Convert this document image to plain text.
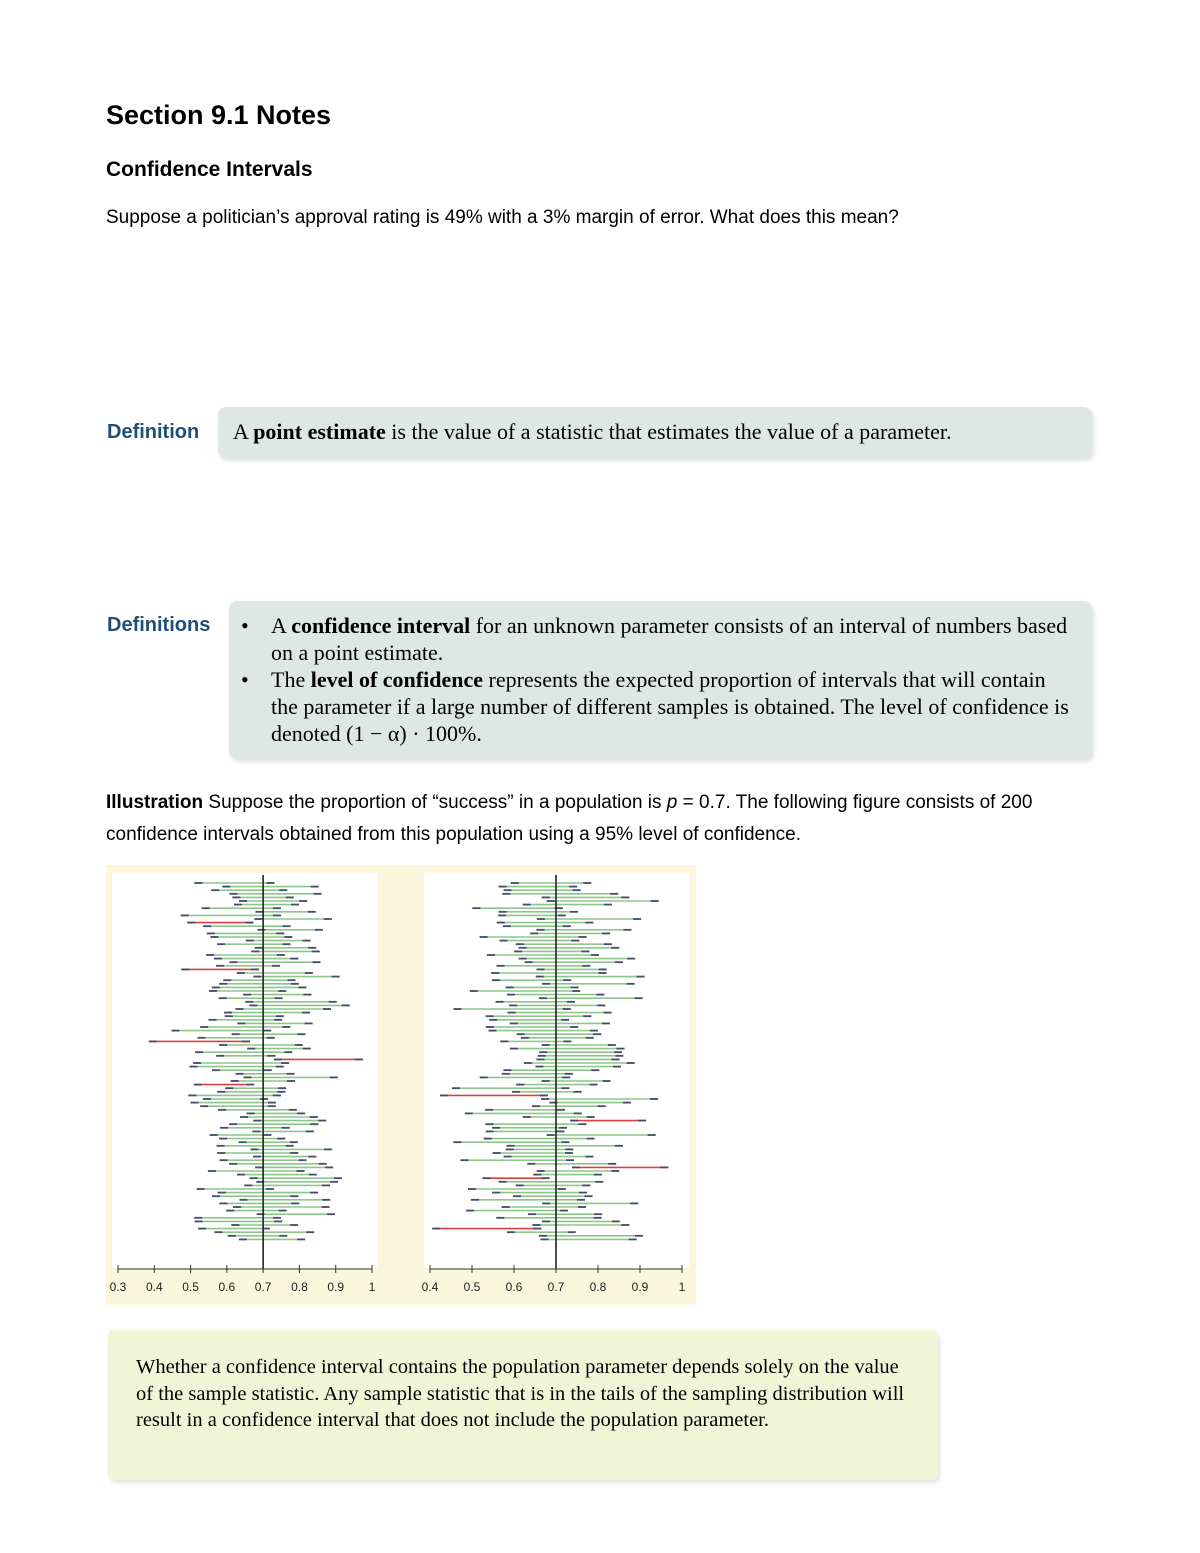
Section 9.1 Notes
Confidence Intervals
Suppose a politician’s approval rating is 49% with a 3% margin of error. What does this mean?
Definition A point estimate is the value of a statistic that estimates the value of a parameter.
Definitions • A confidence interval for an unknown parameter consists of an interval of numbers based on a point estimate.
• The level of confidence represents the expected proportion of intervals that will contain the parameter if a large number of different samples is obtained. The level of confidence is denoted (1 − α) · 100%.
Illustration Suppose the proportion of “success” in a population is p = 0.7. The following figure consists of 200 confidence intervals obtained from this population using a 95% level of confidence.
0.3 0.4 0.5 0.6 0.7 0.8 0.9 1	0.4 0.5 0.6 0.7 0.8 0.9	1
Whether a confidence interval contains the population parameter depends solely on the value of the sample statistic. Any sample statistic that is in the tails of the sampling distribution will result in a confidence interval that does not include the population parameter.
